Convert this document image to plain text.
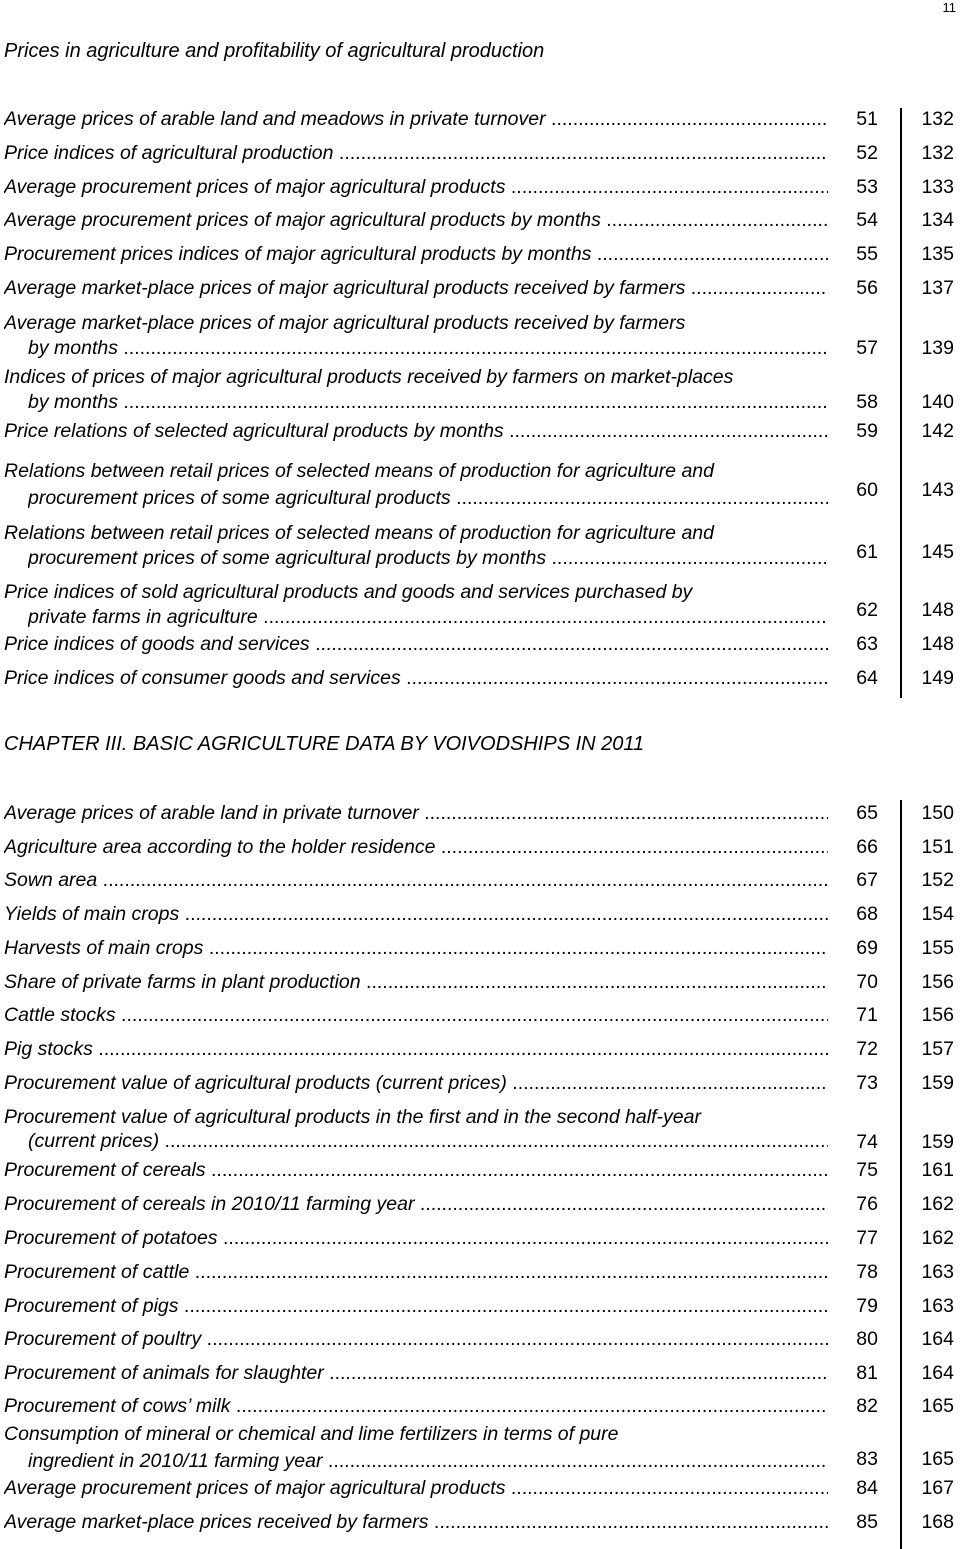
11
Prices in agriculture and profitability of agricultural production
Average prices of arable land and meadows in private turnover .....	51	132
Price indices of agricultural production .....	52	132
Average procurement prices of major agricultural products .....	53	133
Average procurement prices of major agricultural products by months .....	54	134
Procurement prices indices of major agricultural products by months .....	55	135
Average market-place prices of major agricultural products received by farmers .....	56	137
Average market-place prices of major agricultural products received by farmers
by months .....	57	139
Indices of prices of major agricultural products received by farmers on market-places
by months .....	58	140
Price relations of selected agricultural products by months .....	59	142
Relations between retail prices of selected means of production for agriculture and
procurement prices of some agricultural products .....	60	143
Relations between retail prices of selected means of production for agriculture and
procurement prices of some agricultural products by months .....	61	145
Price indices of sold agricultural products and goods and services purchased by
private farms in agriculture .....	62	148
Price indices of goods and services .....	63	148
Price indices of consumer goods and services .....	64	149
CHAPTER III. BASIC AGRICULTURE DATA BY VOIVODSHIPS IN 2011
Average prices of arable land in private turnover .....	65	150
Agriculture area according to the holder residence .....	66	151
Sown area .....	67	152
Yields of main crops .....	68	154
Harvests of main crops .....	69	155
Share of private farms in plant production .....	70	156
Cattle stocks .....	71	156
Pig stocks .....	72	157
Procurement value of agricultural products (current prices) .....	73	159
Procurement value of agricultural products in the first and in the second half-year
(current prices) .....	74	159
Procurement of cereals .....	75	161
Procurement of cereals in 2010/11 farming year .....	76	162
Procurement of potatoes .....	77	162
Procurement of cattle .....	78	163
Procurement of pigs .....	79	163
Procurement of poultry .....	80	164
Procurement of animals for slaughter .....	81	164
Procurement of cows’ milk .....	82	165
Consumption of mineral or chemical and lime fertilizers in terms of pure
ingredient in 2010/11 farming year .....	83	165
Average procurement prices of major agricultural products .....	84	167
Average market-place prices received by farmers .....	85	168
